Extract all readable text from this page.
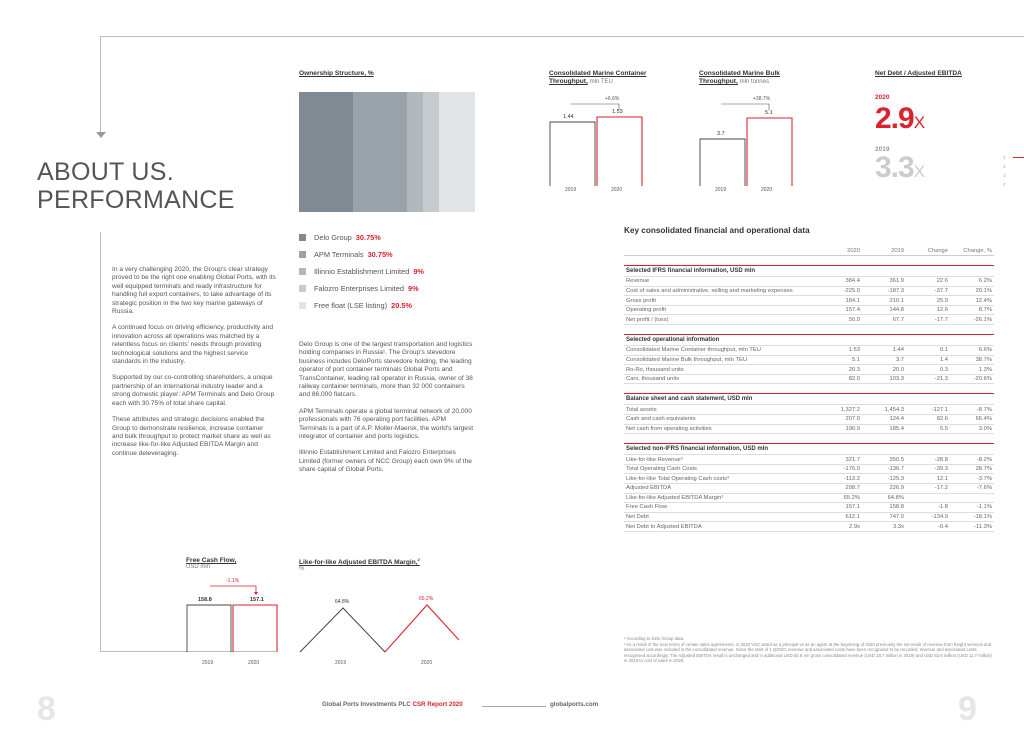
ABOUT US.
PERFORMANCE
1
2
3
4
Ownership Structure, %
Delo Group 30.75%
APM Terminals 30.75%
Illinnio Establishment Limited 9%
Falozro Enterprises Limited 9%
Free float (LSE listing) 20.5%

In a very challenging 2020, the Group's clear strategy proved to be the right one enabling Global Ports, with its well equipped terminals and ready infrastructure for handling full export containers, to take advantage of its strategic position in the two key marine gateways of Russia.

A continued focus on driving efficiency, productivity and innovation across all operations was matched by a relentless focus on clients' needs through providing technological solutions and the highest service standards in the industry.

Supported by our co-controlling shareholders, a unique partnership of an international industry leader and a strong domestic player: APM Terminals and Delo Group each with 30.75% of total share capital.

These attributes and strategic decisions enabled the Group to demonstrate resilience, increase container and bulk throughput to protect market share as well as increase like-for-like Adjusted EBITDA Margin and continue deleveraging.

Delo Group is one of the largest transportation and logistics holding companies in Russia¹. The Group's stevedore business includes DeloPorts stevedore holding, the leading operator of port container terminals Global Ports and TransContainer, leading rail operator in Russia, owner of 38 railway container terminals, more than 32 000 containers and 86,000 flatcars.

APM Terminals operate a global terminal network of 20,000 professionals with 76 operating port facilities. APM Terminals is a part of A.P. Moller-Maersk, the world's largest integrator of container and ports logistics.

Illinnio Establishment Limited and Falozro Enterprises Limited (former owners of NCC Group) each own 9% of the share capital of Global Ports.

Free Cash Flow,
USD mln
-1.1%
158.8	157.1
2019	2020
Like-for-like Adjusted EBITDA Margin,$^2$
%
64.8%	65.2%
2019	2020
Consolidated Marine Container
Throughput, mln TEU
+6.6%
1.44
1.53
2019	2020
Consolidated Marine Bulk
Throughput, mln tonnes
+38.7%
3.7
5.1
2019	2020
Net Debt / Adjusted EBITDA
2020
2.9X
2019
3.3X
Key consolidated financial and operational data
	2020	2019	Change	Change, %

Selected IFRS financial information, USD mln				
Revenue	384.4	361.9	22.6	6.2%
Cost of sales and administrative, selling and marketing expenses	-225.0	-187.3	-37.7	20.1%
Gross profit	184.1	210.1	25.9	12.4%
Operating profit	157.4	144.8	12.6	8.7%
Net profit / (loss)	50.0	67.7	-17.7	-26.1%

Selected operational information				
Consolidated Marine Container throughput, mln TEU	1.53	1.44	0.1	6.6%
Consolidated Marine Bulk throughput, mln TEU	5.1	3.7	1.4	38.7%
Ro-Ro, thousand units	20.3	20.0	0.3	1.3%
Cars, thousand units	82.0	103.3	-21.3	-20.6%

Balance sheet and cash statement, USD mln				
Total assets	1,327.2	1,454.3	-127.1	-8.7%
Cash and cash equivalents	207.0	124.4	82.6	66.4%
Net cash from operating activities	190.9	185.4	5.5	3.0%

Selected non-IFRS financial information, USD mln				
Like-for-like Revenue³	321.7	350.5	-28.8	-8.2%
Total Operating Cash Costs	-176.0	-136.7	-39.3	28.7%
Like-for-like Total Operating Cash costs³	-113.2	-125.3	12.1	-3.7%
Adjusted EBITDA	208.7	226.9	-17.2	-7.6%
Like-for-like Adjusted EBITDA Margin³	65.2%	64.8%		
Free Cash Flow	157.1	158.8	-1.8	-1.1%
Net Debt	612.1	747.0	-134.9	-18.1%
Net Debt to Adjusted EBITDA	2.9x	3.3x	-0.4	-11.3%
¹ According to Delo Group data.
² As a result of the new terms of certain sales agreements, in 2020 VSC acted as a principal vs as an agent at the beginning of 2020 previously the net result of revenue from freight services and associated cost was included in the consolidated revenue. Since the start of 1 Q2020, revenue and associated costs have been recognised to be recorded, revenue and associated costs recognised accordingly. The Adjusted EBITDA result is unchanged and in additional USD 50.8 mn gross consolidated revenue (USD 18.7 million in 2019) and USD 62.6 million (USD 11.7 million) in 2019 to cost of sales in 2020.
8	9
Global Ports Investments PLC CSR Report 2020	globalports.com
